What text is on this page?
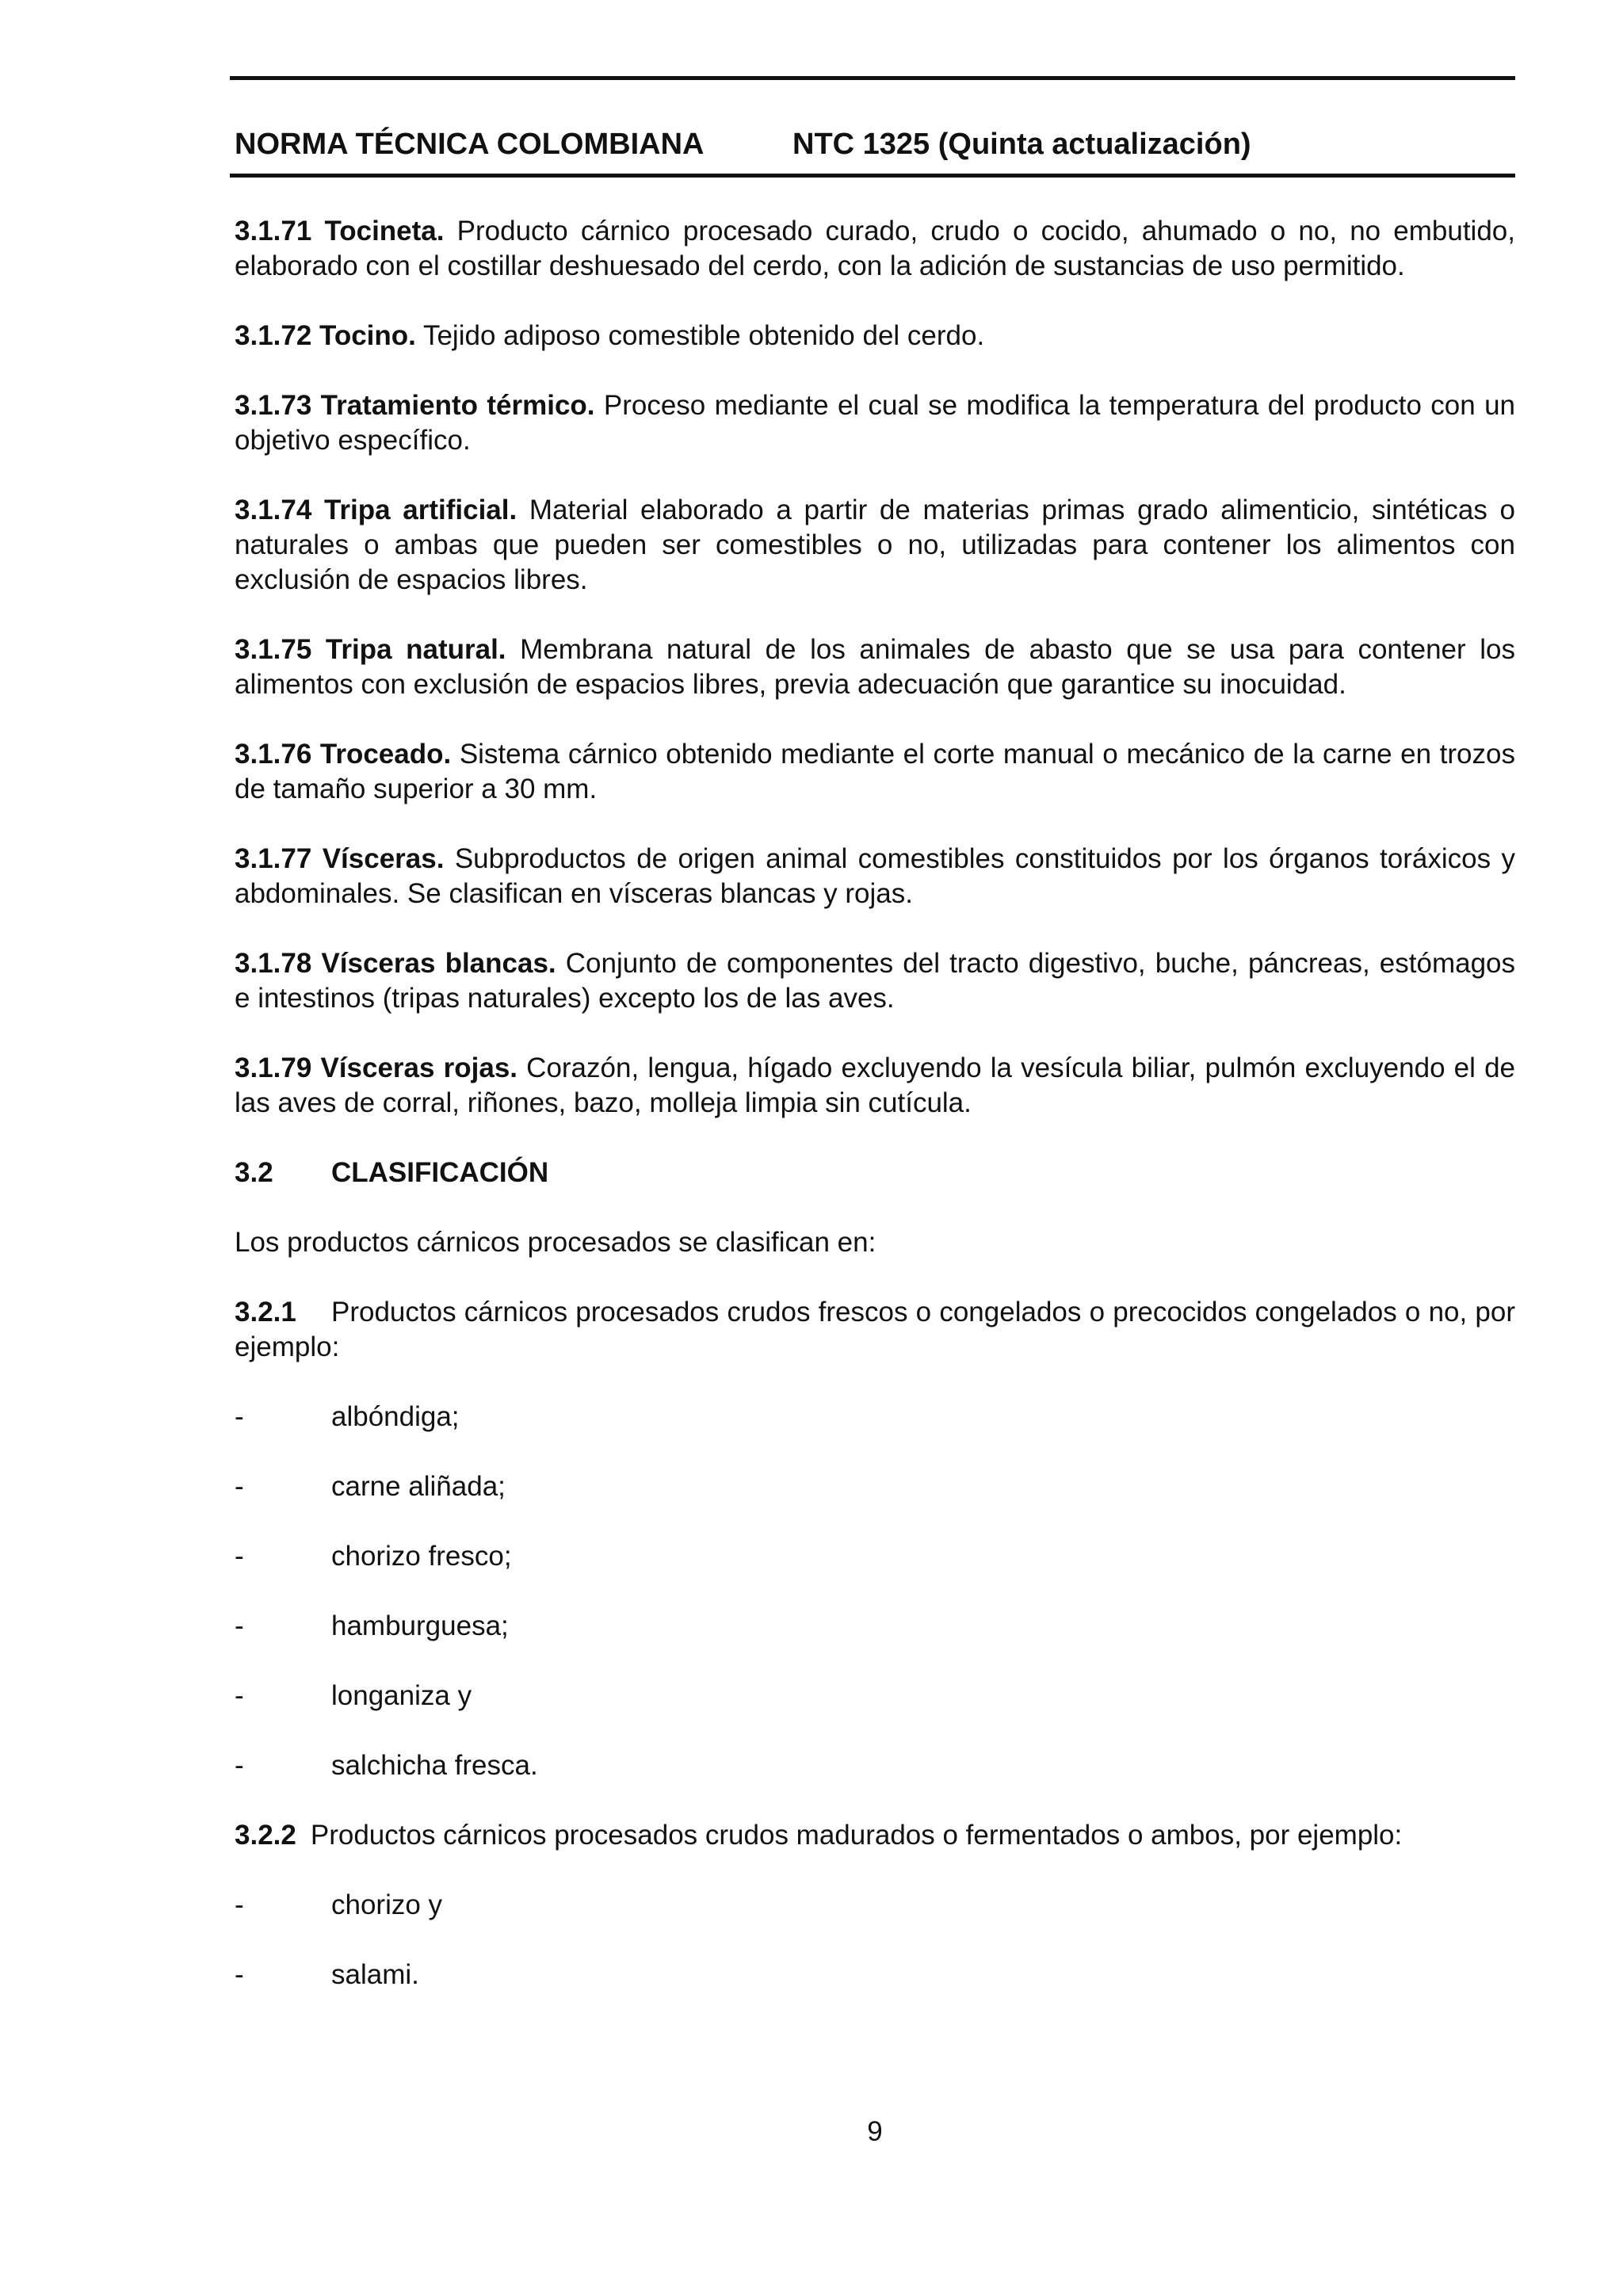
NORMA TÉCNICA COLOMBIANA	NTC 1325 (Quinta actualización)

3.1.71 Tocineta. Producto cárnico procesado curado, crudo o cocido, ahumado o no, no embutido, elaborado con el costillar deshuesado del cerdo, con la adición de sustancias de uso permitido.

3.1.72 Tocino. Tejido adiposo comestible obtenido del cerdo.

3.1.73 Tratamiento térmico. Proceso mediante el cual se modifica la temperatura del producto con un objetivo específico.

3.1.74 Tripa artificial. Material elaborado a partir de materias primas grado alimenticio, sintéticas o naturales o ambas que pueden ser comestibles o no, utilizadas para contener los alimentos con exclusión de espacios libres.

3.1.75 Tripa natural. Membrana natural de los animales de abasto que se usa para contener los alimentos con exclusión de espacios libres, previa adecuación que garantice su inocuidad.

3.1.76 Troceado. Sistema cárnico obtenido mediante el corte manual o mecánico de la carne en trozos de tamaño superior a 30 mm.

3.1.77 Vísceras. Subproductos de origen animal comestibles constituidos por los órganos toráxicos y abdominales. Se clasifican en vísceras blancas y rojas.

3.1.78 Vísceras blancas. Conjunto de componentes del tracto digestivo, buche, páncreas, estómagos e intestinos (tripas naturales) excepto los de las aves.

3.1.79 Vísceras rojas. Corazón, lengua, hígado excluyendo la vesícula biliar, pulmón excluyendo el de las aves de corral, riñones, bazo, molleja limpia sin cutícula.

3.2 CLASIFICACIÓN

Los productos cárnicos procesados se clasifican en:

3.2.1 Productos cárnicos procesados crudos frescos o congelados o precocidos congelados o no, por ejemplo:

-	albóndiga;
-	carne aliñada;
-	chorizo fresco;
-	hamburguesa;
-	longaniza y
-	salchicha fresca.

3.2.2 Productos cárnicos procesados crudos madurados o fermentados o ambos, por ejemplo:

-	chorizo y
-	salami.
9
